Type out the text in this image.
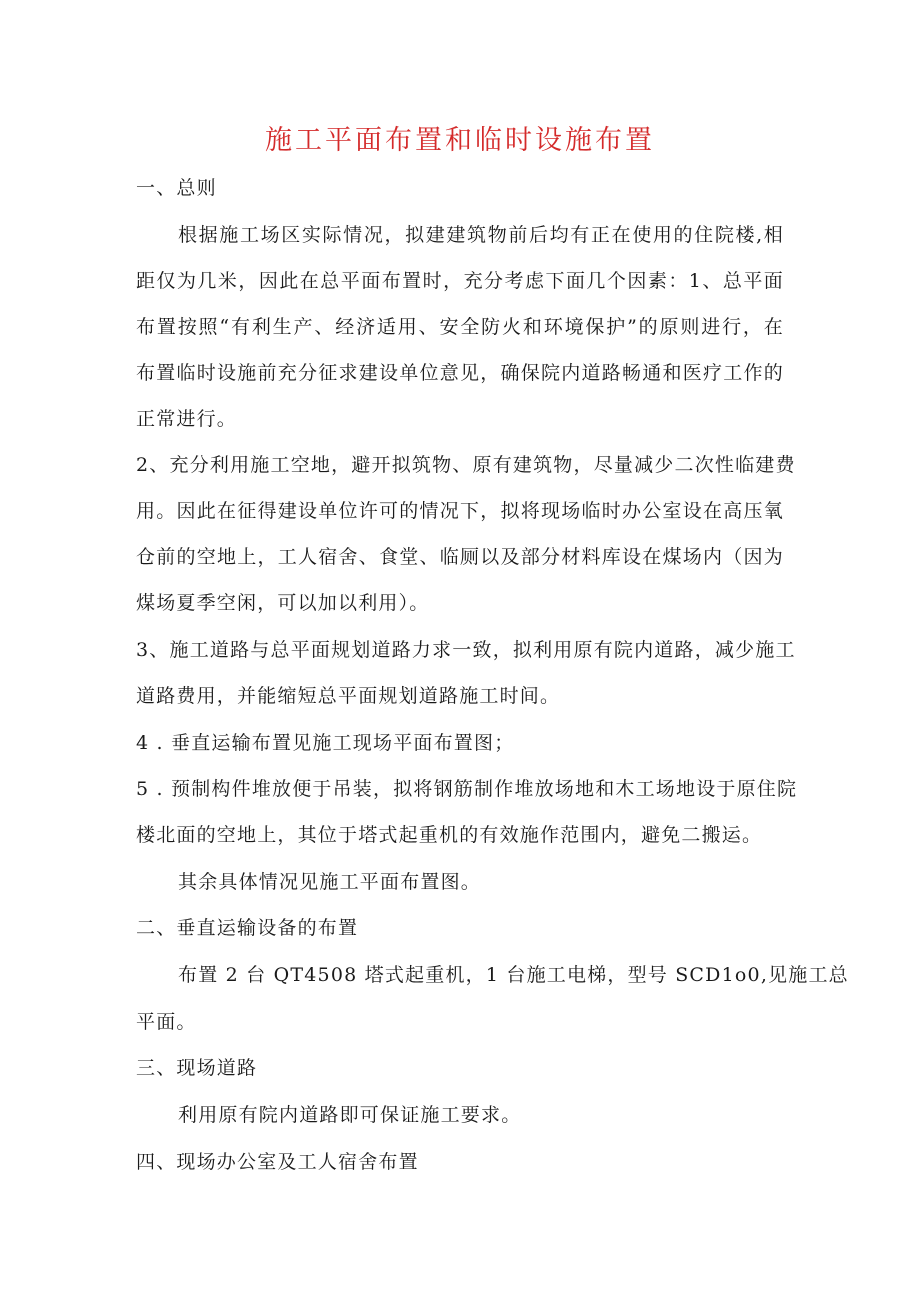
施工平面布置和临时设施布置
一、总则
根据施工场区实际情况，拟建建筑物前后均有正在使用的住院楼,相
距仅为几米，因此在总平面布置时，充分考虑下面几个因素：1、总平面
布置按照“有利生产、经济适用、安全防火和环境保护”的原则进行，在
布置临时设施前充分征求建设单位意见，确保院内道路畅通和医疗工作的
正常进行。
2、充分利用施工空地，避开拟筑物、原有建筑物，尽量减少二次性临建费
用。因此在征得建设单位许可的情况下，拟将现场临时办公室设在高压氧
仓前的空地上，工人宿舍、食堂、临厕以及部分材料库设在煤场内（因为
煤场夏季空闲，可以加以利用）。
3、施工道路与总平面规划道路力求一致，拟利用原有院内道路，减少施工
道路费用，并能缩短总平面规划道路施工时间。
4 . 垂直运输布置见施工现场平面布置图；
5 . 预制构件堆放便于吊装，拟将钢筋制作堆放场地和木工场地设于原住院
楼北面的空地上，其位于塔式起重机的有效施作范围内，避免二搬运。
其余具体情况见施工平面布置图。
二、垂直运输设备的布置
布置 2 台 QT4508 塔式起重机，1 台施工电梯，型号 SCD1o0,见施工总
平面。
三、现场道路
利用原有院内道路即可保证施工要求。
四、现场办公室及工人宿舍布置
